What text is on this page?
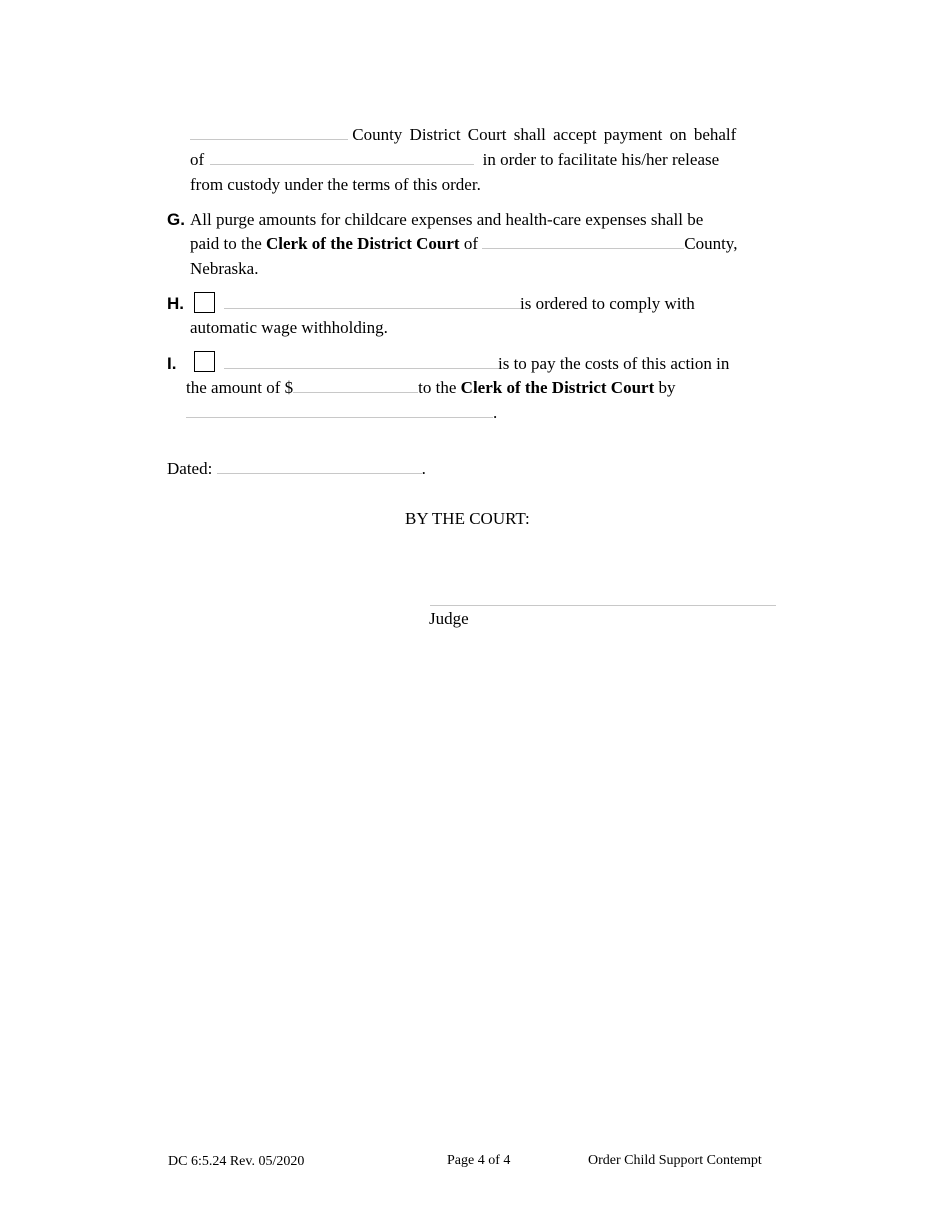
County District Court shall accept payment on behalf
of	in order to facilitate his/her release
from custody under the terms of this order.
G. All purge amounts for childcare expenses and health-care expenses shall be
paid to the Clerk of the District Court of	County,
Nebraska.
H.	is ordered to comply with
automatic wage withholding.
I.	is to pay the costs of this action in
the amount of $	to the Clerk of the District Court by
.
Dated:	.
BY THE COURT:
Judge
DC 6:5.24 Rev. 05/2020	Page 4 of 4	Order Child Support Contempt
